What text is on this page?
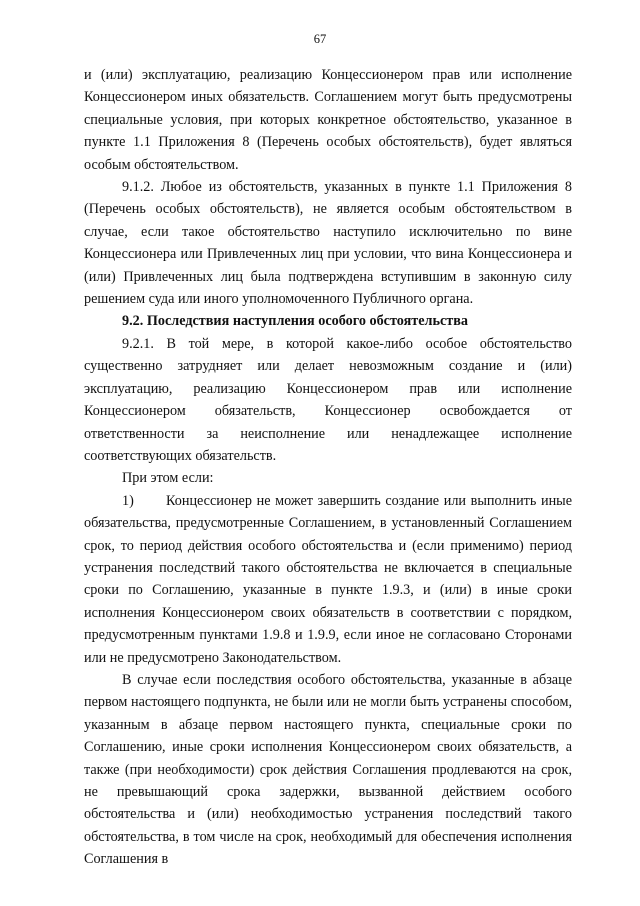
67

и (или) эксплуатацию, реализацию Концессионером прав или исполнение Концессионером иных обязательств. Соглашением могут быть предусмотрены специальные условия, при которых конкретное обстоятельство, указанное в пункте 1.1 Приложения 8 (Перечень особых обстоятельств), будет являться особым обстоятельством.

9.1.2. Любое из обстоятельств, указанных в пункте 1.1 Приложения 8 (Перечень особых обстоятельств), не является особым обстоятельством в случае, если такое обстоятельство наступило исключительно по вине Концессионера или Привлеченных лиц при условии, что вина Концессионера и (или) Привлеченных лиц была подтверждена вступившим в законную силу решением суда или иного уполномоченного Публичного органа.

9.2. Последствия наступления особого обстоятельства

9.2.1. В той мере, в которой какое-либо особое обстоятельство существенно затрудняет или делает невозможным создание и (или) эксплуатацию, реализацию Концессионером прав или исполнение Концессионером обязательств, Концессионер освобождается от ответственности за неисполнение или ненадлежащее исполнение соответствующих обязательств.

При этом если:

1) Концессионер не может завершить создание или выполнить иные обязательства, предусмотренные Соглашением, в установленный Соглашением срок, то период действия особого обстоятельства и (если применимо) период устранения последствий такого обстоятельства не включается в специальные сроки по Соглашению, указанные в пункте 1.9.3, и (или) в иные сроки исполнения Концессионером своих обязательств в соответствии с порядком, предусмотренным пунктами 1.9.8 и 1.9.9, если иное не согласовано Сторонами или не предусмотрено Законодательством.

В случае если последствия особого обстоятельства, указанные в абзаце первом настоящего подпункта, не были или не могли быть устранены способом, указанным в абзаце первом настоящего пункта, специальные сроки по Соглашению, иные сроки исполнения Концессионером своих обязательств, а также (при необходимости) срок действия Соглашения продлеваются на срок, не превышающий срока задержки, вызванной действием особого обстоятельства и (или) необходимостью устранения последствий такого обстоятельства, в том числе на срок, необходимый для обеспечения исполнения Соглашения в
